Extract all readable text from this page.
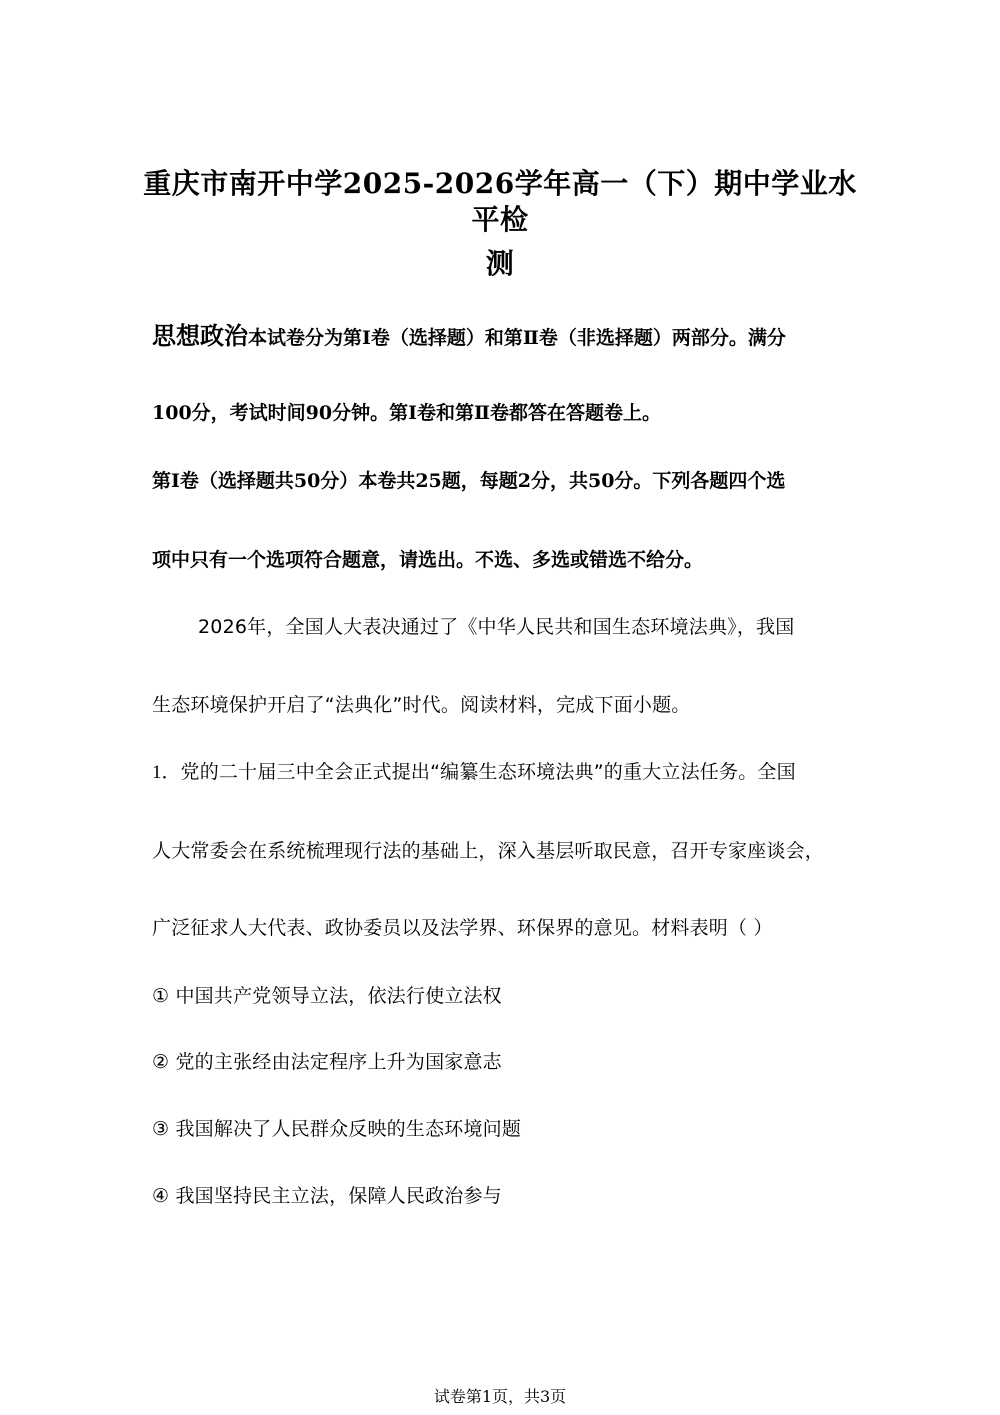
重庆市南开中学2025-2026学年高一（下）期中学业水平检
测
思想政治本试卷分为第Ⅰ卷（选择题）和第Ⅱ卷（非选择题）两部分。满分
100分，考试时间90分钟。第Ⅰ卷和第Ⅱ卷都答在答题卷上。
第Ⅰ卷（选择题共50分）本卷共25题，每题2分，共50分。下列各题四个选
项中只有一个选项符合题意，请选出。不选、多选或错选不给分。
2026年，全国人大表决通过了《中华人民共和国生态环境法典》，我国
生态环境保护开启了“法典化”时代。阅读材料，完成下面小题。
1．党的二十届三中全会正式提出“编纂生态环境法典”的重大立法任务。全国
人大常委会在系统梳理现行法的基础上，深入基层听取民意，召开专家座谈会，
广泛征求人大代表、政协委员以及法学界、环保界的意见。材料表明（ ）
① 中国共产党领导立法，依法行使立法权
② 党的主张经由法定程序上升为国家意志
③ 我国解决了人民群众反映的生态环境问题
④ 我国坚持民主立法，保障人民政治参与
试卷第1页，共3页
